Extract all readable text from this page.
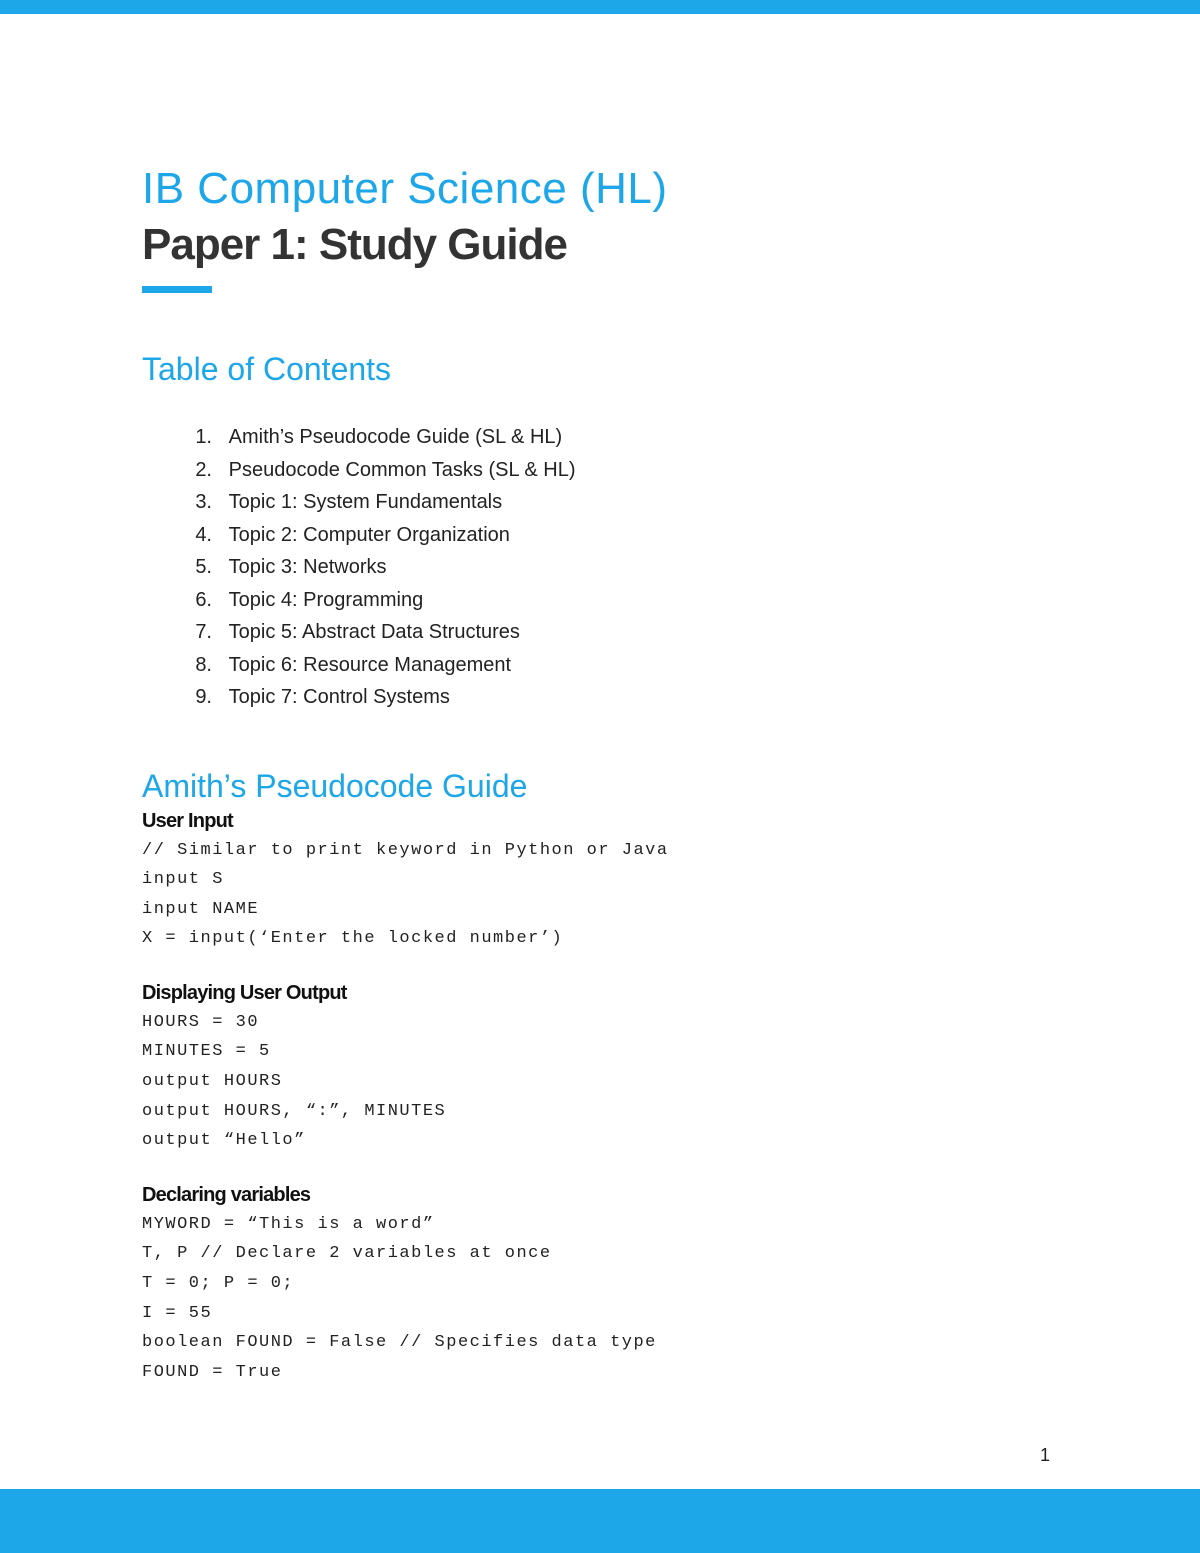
IB Computer Science (HL)
Paper 1: Study Guide
Table of Contents
1.
Amith’s Pseudocode Guide (SL & HL)
2.
Pseudocode Common Tasks (SL & HL)
3.
Topic 1: System Fundamentals
4.
Topic 2: Computer Organization
5.
Topic 3: Networks
6.
Topic 4: Programming
7.
Topic 5: Abstract Data Structures
8.
Topic 6: Resource Management
9.
Topic 7: Control Systems
Amith’s Pseudocode Guide
User Input
// Similar to print keyword in Python or Java
input S
input NAME
X = input(‘Enter the locked number’)
Displaying User Output
HOURS = 30
MINUTES = 5
output HOURS
output HOURS, “:”, MINUTES
output “Hello”
Declaring variables
MYWORD = “This is a word”
T, P // Declare 2 variables at once
T = 0; P = 0;
I = 55
boolean FOUND = False // Specifies data type
FOUND = True
1
